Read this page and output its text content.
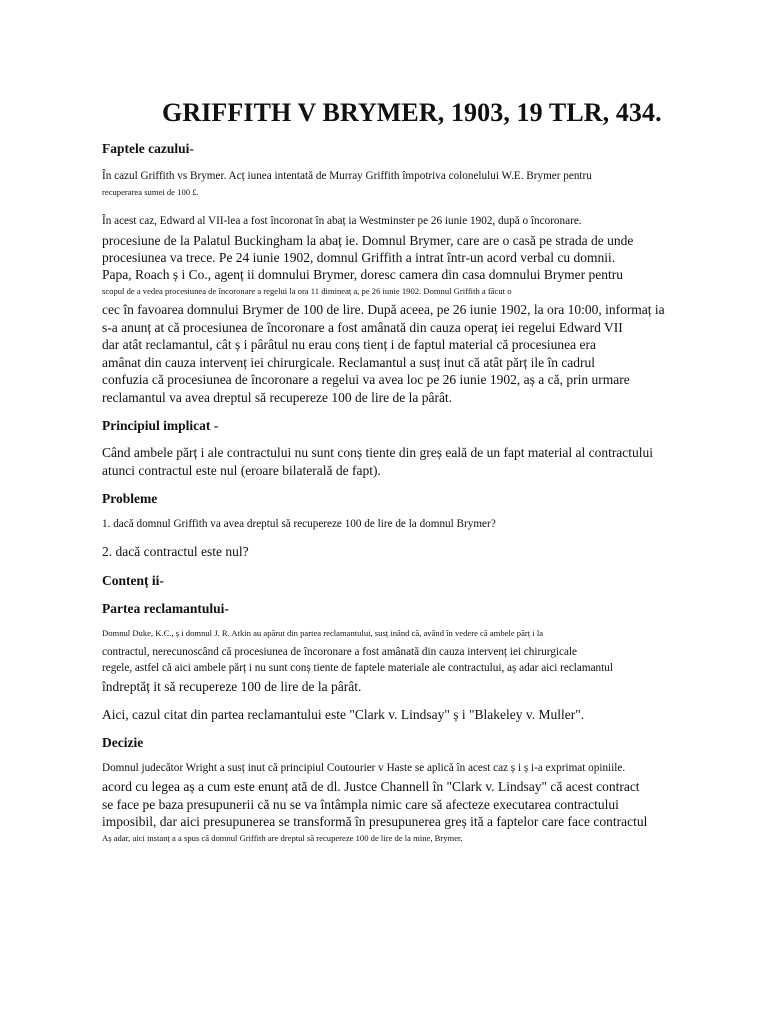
GRIFFITH V BRYMER, 1903, 19 TLR, 434.

Faptele cazului-

În cazul Griffith vs Brymer. Acț iunea intentată de Murray Griffith împotriva colonelului W.E. Brymer pentru

recuperarea sumei de 100 £.

În acest caz, Edward al VII-lea a fost încoronat în abaț ia Westminster pe 26 iunie 1902, după o încoronare.

procesiune de la Palatul Buckingham la abaț ie. Domnul Brymer, care are o casă pe strada de unde

procesiunea va trece. Pe 24 iunie 1902, domnul Griffith a intrat într-un acord verbal cu domnii.

Papa, Roach ș i Co., agenț ii domnului Brymer, doresc camera din casa domnului Brymer pentru

scopul de a vedea procesiunea de încoronare a regelui la ora 11 dimineaț a, pe 26 iunie 1902. Domnul Griffith a făcut o

cec în favoarea domnului Brymer de 100 de lire. După aceea, pe 26 iunie 1902, la ora 10:00, informaț ia

s-a anunț at că procesiunea de încoronare a fost amânată din cauza operaț iei regelui Edward VII

dar atât reclamantul, cât ș i pârâtul nu erau conș tienț i de faptul material că procesiunea era

amânat din cauza intervenț iei chirurgicale. Reclamantul a susț inut că atât părț ile în cadrul

confuzia că procesiunea de încoronare a regelui va avea loc pe 26 iunie 1902, aș a că, prin urmare

reclamantul va avea dreptul să recupereze 100 de lire de la pârât.

Principiul implicat -

Când ambele părț i ale contractului nu sunt conș tiente din greș eală de un fapt material al contractului

atunci contractul este nul (eroare bilaterală de fapt).

Probleme

1. dacă domnul Griffith va avea dreptul să recupereze 100 de lire de la domnul Brymer?

2. dacă contractul este nul?

Contenț ii-

Partea reclamantului-

Domnul Duke, K.C., ș i domnul J. R. Atkin au apărut din partea reclamantului, susț inând că, având în vedere că ambele părț i la

contractul, nerecunoscând că procesiunea de încoronare a fost amânată din cauza intervenț iei chirurgicale

regele, astfel că aici ambele părț i nu sunt conș tiente de faptele materiale ale contractului, aș adar aici reclamantul

îndreptăț it să recupereze 100 de lire de la pârât.

Aici, cazul citat din partea reclamantului este "Clark v. Lindsay" ș i "Blakeley v. Muller".

Decizie

Domnul judecător Wright a susț inut că principiul Coutourier v Haste se aplică în acest caz ș i ș i-a exprimat opiniile.

acord cu legea aș a cum este enunț ată de dl. Justce Channell în "Clark v. Lindsay" că acest contract

se face pe baza presupunerii că nu se va întâmpla nimic care să afecteze executarea contractului

imposibil, dar aici presupunerea se transformă în presupunerea greș ită a faptelor care face contractul

Aș adar, aici instanț a a spus că domnul Griffith are dreptul să recupereze 100 de lire de la mine, Brymer.
